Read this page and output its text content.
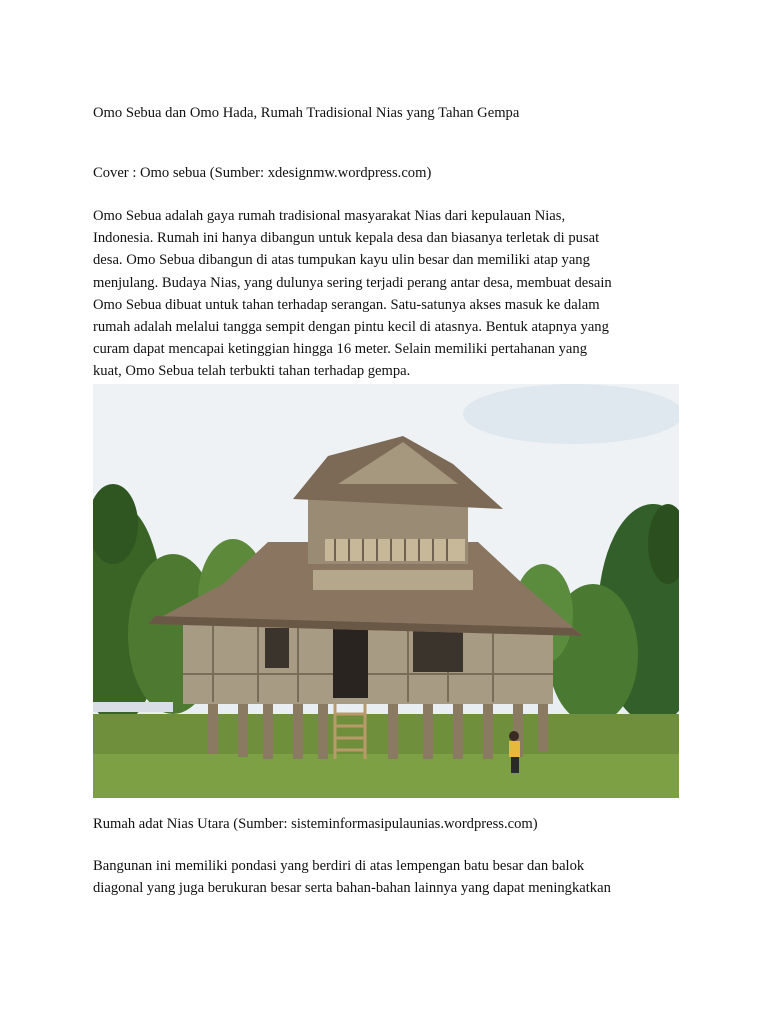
Omo Sebua dan Omo Hada, Rumah Tradisional Nias yang Tahan Gempa
Cover : Omo sebua (Sumber: xdesignmw.wordpress.com)
Omo Sebua adalah gaya rumah tradisional masyarakat Nias dari kepulauan Nias,
Indonesia. Rumah ini hanya dibangun untuk kepala desa dan biasanya terletak di pusat
desa. Omo Sebua dibangun di atas tumpukan kayu ulin besar dan memiliki atap yang
menjulang. Budaya Nias, yang dulunya sering terjadi perang antar desa, membuat desain
Omo Sebua dibuat untuk tahan terhadap serangan. Satu-satunya akses masuk ke dalam
rumah adalah melalui tangga sempit dengan pintu kecil di atasnya. Bentuk atapnya yang
curam dapat mencapai ketinggian hingga 16 meter. Selain memiliki pertahanan yang
kuat, Omo Sebua telah terbukti tahan terhadap gempa.
Rumah adat Nias Utara (Sumber: sisteminformasipulaunias.wordpress.com)
Bangunan ini memiliki pondasi yang berdiri di atas lempengan batu besar dan balok
diagonal yang juga berukuran besar serta bahan-bahan lainnya yang dapat meningkatkan
